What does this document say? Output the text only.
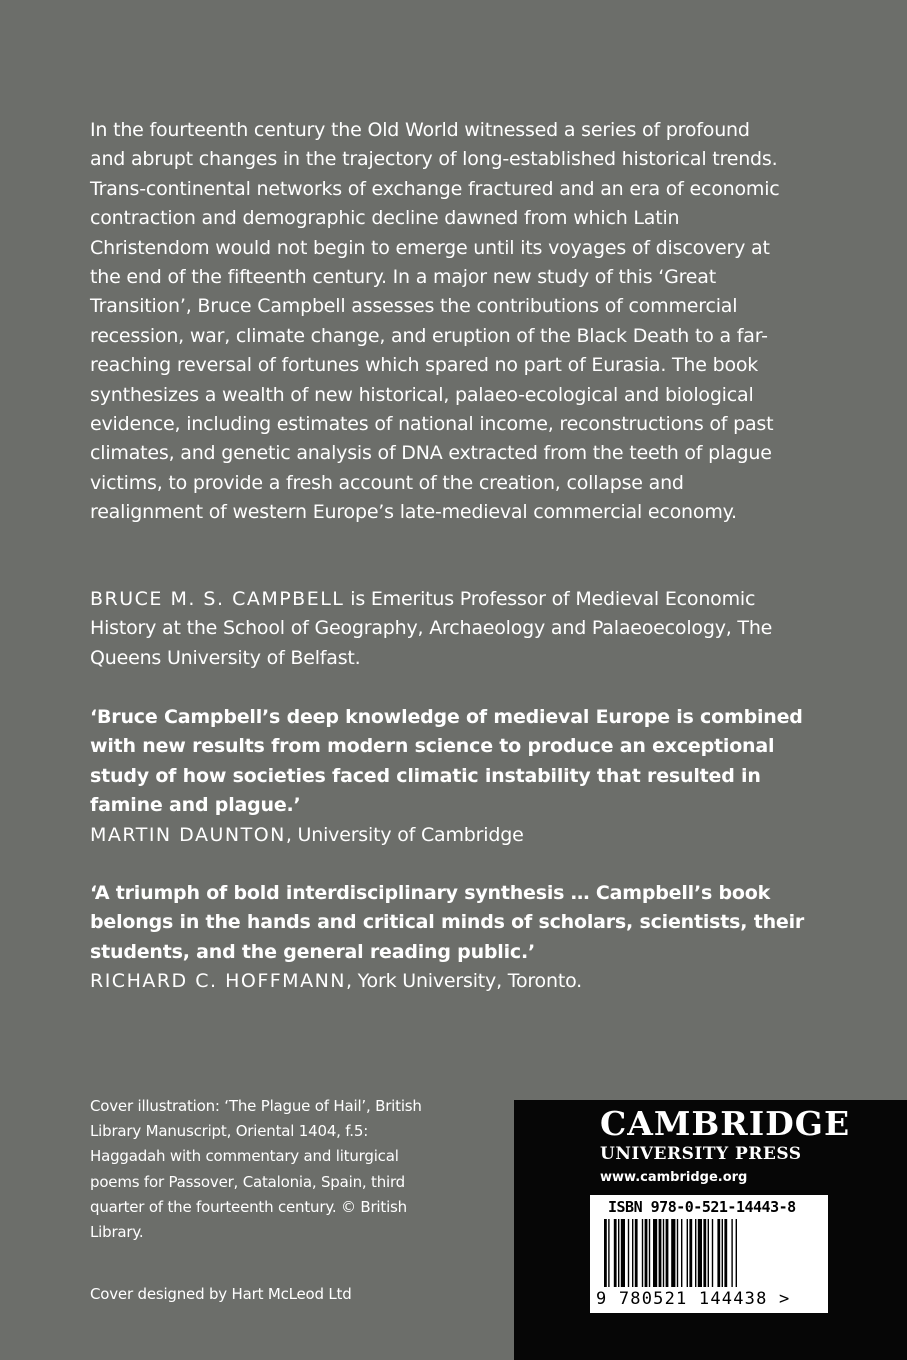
In the fourteenth century the Old World witnessed a series of profound and abrupt changes in the trajectory of long-established historical trends. Trans-continental networks of exchange fractured and an era of economic contraction and demographic decline dawned from which Latin Christendom would not begin to emerge until its voyages of discovery at the end of the fifteenth century. In a major new study of this ‘Great Transition’, Bruce Campbell assesses the contributions of commercial recession, war, climate change, and eruption of the Black Death to a far-reaching reversal of fortunes which spared no part of Eurasia. The book synthesizes a wealth of new historical, palaeo-ecological and biological evidence, including estimates of national income, reconstructions of past climates, and genetic analysis of DNA extracted from the teeth of plague victims, to provide a fresh account of the creation, collapse and realignment of western Europe’s late-medieval commercial economy.

BRUCE M. S. CAMPBELL is Emeritus Professor of Medieval Economic History at the School of Geography, Archaeology and Palaeoecology, The Queens University of Belfast.

‘Bruce Campbell’s deep knowledge of medieval Europe is combined with new results from modern science to produce an exceptional study of how societies faced climatic instability that resulted in famine and plague.’
MARTIN DAUNTON, University of Cambridge

‘A triumph of bold interdisciplinary synthesis … Campbell’s book belongs in the hands and critical minds of scholars, scientists, their students, and the general reading public.’
RICHARD C. HOFFMANN, York University, Toronto.

Cover illustration: ‘The Plague of Hail’, British Library Manuscript, Oriental 1404, f.5: Haggadah with commentary and liturgical poems for Passover, Catalonia, Spain, third quarter of the fourteenth century. © British Library.

Cover designed by Hart McLeod Ltd

CAMBRIDGE
UNIVERSITY PRESS
www.cambridge.org
ISBN 978-0-521-14443-8
9 780521 144438 >
